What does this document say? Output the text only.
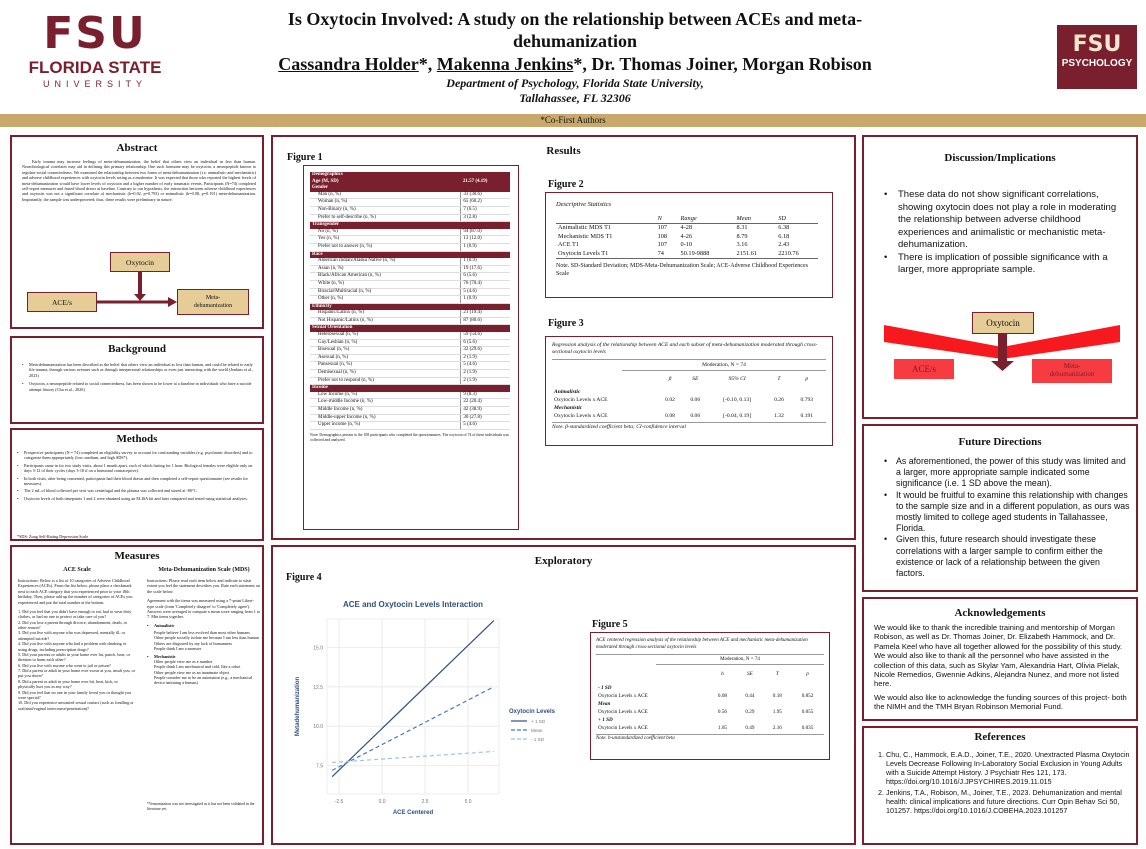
FSU
FLORIDA STATE
UNIVERSITY
Is Oxytocin Involved: A study on the relationship between ACEs and meta-
dehumanization
Cassandra Holder*, Makenna Jenkins*, Dr. Thomas Joiner, Morgan Robison
Department of Psychology, Florida State University,
Tallahassee, FL 32306
FSU
PSYCHOLOGY
*Co-First Authors
Abstract
Early trauma may increase feelings of meta-dehumanization, the belief that others view an individual as less than human. Neurobiological correlates may aid in defining this primary relationship. One such hormone may be oxytocin, a neuropeptide known to regulate social connectedness. We examined the relationship between two forms of meta-dehumanization (i.e. animalistic and mechanistic) and adverse childhood experiences with oxytocin levels acting as a moderator. It was expected that those who reported the highest levels of meta-dehumanization would have lower levels of oxytocin and a higher number of early traumatic events. Participants (N=74) completed self-report measures and fasted blood draws at baseline. Contrary to our hypothesis, the interaction between adverse childhood experiences and oxytocin was not a significant correlate of mechanistic (b=0.02, p=0.793) or animalistic (b=0.08, p=0.191) meta-dehumanization. Importantly, the sample was underpowered; thus, these results were preliminary in nature.
Oxytocin
ACE/s	Meta-
dehumanization
Background
• Meta-dehumanization has been described as the belief that others view an individual as less than human, and could be related to early life trauma, through various avenues such as through interpersonal relationships or even just interacting with the world (Jenkins et al., 2023)
• Oxytocin, a neuropeptide related to social connectedness, has been shown to be lower at a baseline in individuals who have a suicide attempt history (Chu et al., 2020)
Methods
• Prospective participants (N = 74) completed an eligibility survey to account for confounding variables (e.g. psychiatric disorders) and to categorize them appropriately (low, medium, and high SDS*).
• Participants came in for two study visits, about 1 month apart, each of which lasting for 1 hour. Biological females were eligible only on days 5-12 of their cycles (days 3-18 if on a hormonal contraceptive).
• In both visits, after being consented, participants had their blood drawn and then completed a self-report questionnaire (see results for measures).
• The 2 mL of blood collected per visit was centrifugal and the plasma was collected and stored at -80°C.
• Oxytocin levels of both timepoints 1 and 2 were obtained using an ELISA kit and later compared and tested using statistical analyses.
*SDS: Zung Self-Rating Depression Scale
Measures
ACE Scale
Instructions: Below is a list of 10 categories of Adverse Childhood Experiences (ACEs). From the list below, please place a checkmark next to each ACE category that you experienced prior to your 18th birthday. Then, please add up the number of categories of ACEs you experienced and put the total number at the bottom.
1. Did you feel that you didn't have enough to eat, had to wear dirty clothes, or had no one to protect or take care of you?
2. Did you lose a parent through divorce, abandonment, death, or other reason?
3. Did you live with anyone who was depressed, mentally ill, or attempted suicide?
4. Did you live with anyone who had a problem with drinking or using drugs, including prescription drugs?
5. Did your parents or adults in your home ever hit, punch, beat, or threaten to harm each other?
6. Did you live with anyone who went to jail or prison?
7. Did a parent or adult in your home ever swear at you, insult you, or put you down?
8. Did a parent or adult in your home ever hit, beat, kick, or physically hurt you in any way?
9. Did you feel that no one in your family loved you or thought you were special?
10. Did you experience unwanted sexual contact (such as fondling or oral/anal/vaginal intercourse/penetration)?
Meta-Dehumanization Scale (MDS)
Instructions: Please read each item below and indicate to what extent you feel the statement describes you. Rate each statement on the scale below.
Agreement with the items was measured using a 7-point Likert-type scale (from 'Completely disagree' to 'Completely agree'). Answers were averaged to compute a mean score ranging from 1 to 7. Min items together.
• Animalistic
People believe I am less evolved than most other humans
Other people socially isolate me because I am less than human
Others are disgusted by my lack of humanness
People think I am a monster
• Mechanistic
Other people view me as a number
People think I am mechanical and cold, like a robot
Other people view me as an inanimate object
People consider me to be an automaton (e.g., a mechanical device imitating a human)
*Vermanization was not investigated as it has not been validated in the literature yet.
Results
Figure 1
Demographics	
Age (M, SD)	21.57 (4.19)
Gender	
Man (n, %)	33 (30.6)
Woman (n, %)	65 (60.2)
Non-Binary (n, %)	7 (6.5)
Prefer to self-describe (n, %)	3 (2.8)
Transgender	
No (n, %)	94 (87.0)
Yes (n, %)	13 (12.0)
Prefer not to answer (n, %)	1 (0.9)
Race	
American Indian/Alaska Native (n, %)	1 (0.9)
Asian (n, %)	19 (17.6)
Black/African American (n, %)	6 (5.6)
White (n, %)	76 (70.4)
Biracial/Multiracial (n, %)	5 (4.6)
Other (n, %)	1 (0.9)
Ethnicity	
Hispanic/Latinx (n, %)	21 (19.4)
Not Hispanic/Latinx (n, %)	87 (80.6)
Sexual Orientation	
Heterosexual (n, %)	59 (54.6)
Gay/Lesbian (n, %)	6 (5.6)
Bisexual (n, %)	32 (29.6)
Asexual (n, %)	2 (1.9)
Pansexual (n, %)	5 (4.6)
Demisexual (n, %)	2 (1.9)
Prefer not to respond (n, %)	2 (1.9)
Income	
Low Income (n, %)	9 (8.3)
Low-middle Income (n, %)	22 (20.4)
Middle Income (n, %)	42 (38.9)
Middle-upper Income (n, %)	30 (27.8)
Upper income (n, %)	5 (4.6)
Note: Demographics pertain to the 108 participants who completed the questionnaires. The oxytocin of 74 of these individuals was collected and analyzed.
Figure 2
Descriptive Statistics
	N	Range	Mean	SD
Animalistic MDS T1	107	4-28	8.31	6.38
Mechanistic MDS T1	108	4-26	8.79	6.18
ACE T1	107	0-10	3.16	2.43
Oxytocin Levels T1	74	50.19-9888	2151.61	2210.76
Note. SD-Standard Deviation; MDS-Meta-Dehumanization Scale; ACE-Adverse Childhood Experiences Scale
Figure 3
Regression analysis of the relationship between ACE and each subset of meta-dehumanization moderated through cross-sectional oxytocin levels
Moderation, N = 74
	β	SE	95% CI	T	p
Animalistic					
Oxytocin Levels x ACE	0.02	0.06	[-0.10, 0.13]	0.26	0.793
Mechanistic					
Oxytocin Levels x ACE	0.08	0.06	[-0.04, 0.19]	1.32	0.191
Note. β-standardized coefficient beta; CI-confidence interval
Exploratory
Figure 4
7.5
10.0
12.5
15.0
-2.5	0.0	2.5	5.0
ACE and Oxytocin Levels Interaction
ACE Centered
Metadehumanization	Oxytocin Levels
+ 1 SD
Mean
- 1 SD
Figure 5
ACE centered regression analysis of the relationship between ACE and mechanistic meta-dehumanization moderated through cross-sectional oxytocin levels
Moderation, N = 74
	b	SE	T	p
- 1 SD				
Oxytocin Levels x ACE	0.08	0.44	0.18	0.852
Mean				
Oxytocin Levels x ACE	0.56	0.29	1.95	0.055
+ 1 SD				
Oxytocin Levels x ACE	1.05	0.49	2.16	0.035
Note. b-unstandardized coefficient beta
Discussion/Implications
• These data do not show significant correlations, showing oxytocin does not play a role in moderating the relationship between adverse childhood experiences and animalistic or mechanistic meta-dehumanization.
• There is implication of possible significance with a larger, more appropriate sample.
Oxytocin
ACE/s	Meta-
dehumanization
Future Directions
• As aforementioned, the power of this study was limited and a larger, more appropriate sample indicated some significance (i.e. 1 SD above the mean).
• It would be fruitful to examine this relationship with changes to the sample size and in a different population, as ours was mostly limited to college aged students in Tallahassee, Florida.
• Given this, future research should investigate these correlations with a larger sample to confirm either the existence or lack of a relationship between the given factors.
Acknowledgements
We would like to thank the incredible training and mentorship of Morgan Robison, as well as Dr. Thomas Joiner, Dr. Elizabeth Hammock, and Dr. Pamela Keel who have all together allowed for the possibility of this study. We would also like to thank all the personnel who have assisted in the collection of this data, such as Skylar Yam, Alexandria Hart, Olivia Pielak, Nicole Remedios, Gwennie Adkins, Alejandra Nunez, and more not listed here.
We would also like to acknowledge the funding sources of this project- both the NIMH and the TMH Bryan Robinson Memorial Fund.
References
1. Chu, C., Hammock, E.A.D., Joiner, T.E., 2020. Unextracted Plasma Oxytocin Levels Decrease Following In-Laboratory Social Exclusion in Young Adults with a Suicide Attempt History. J Psychiatr Res 121, 173. https://doi.org/10.1016/J.JPSYCHIRES.2019.11.015
2. Jenkins, T.A., Robison, M., Joiner, T.E., 2023. Dehumanization and mental health: clinical implications and future directions. Curr Opin Behav Sci 50, 101257. https://doi.org/10.1016/J.COBEHA.2023.101257
